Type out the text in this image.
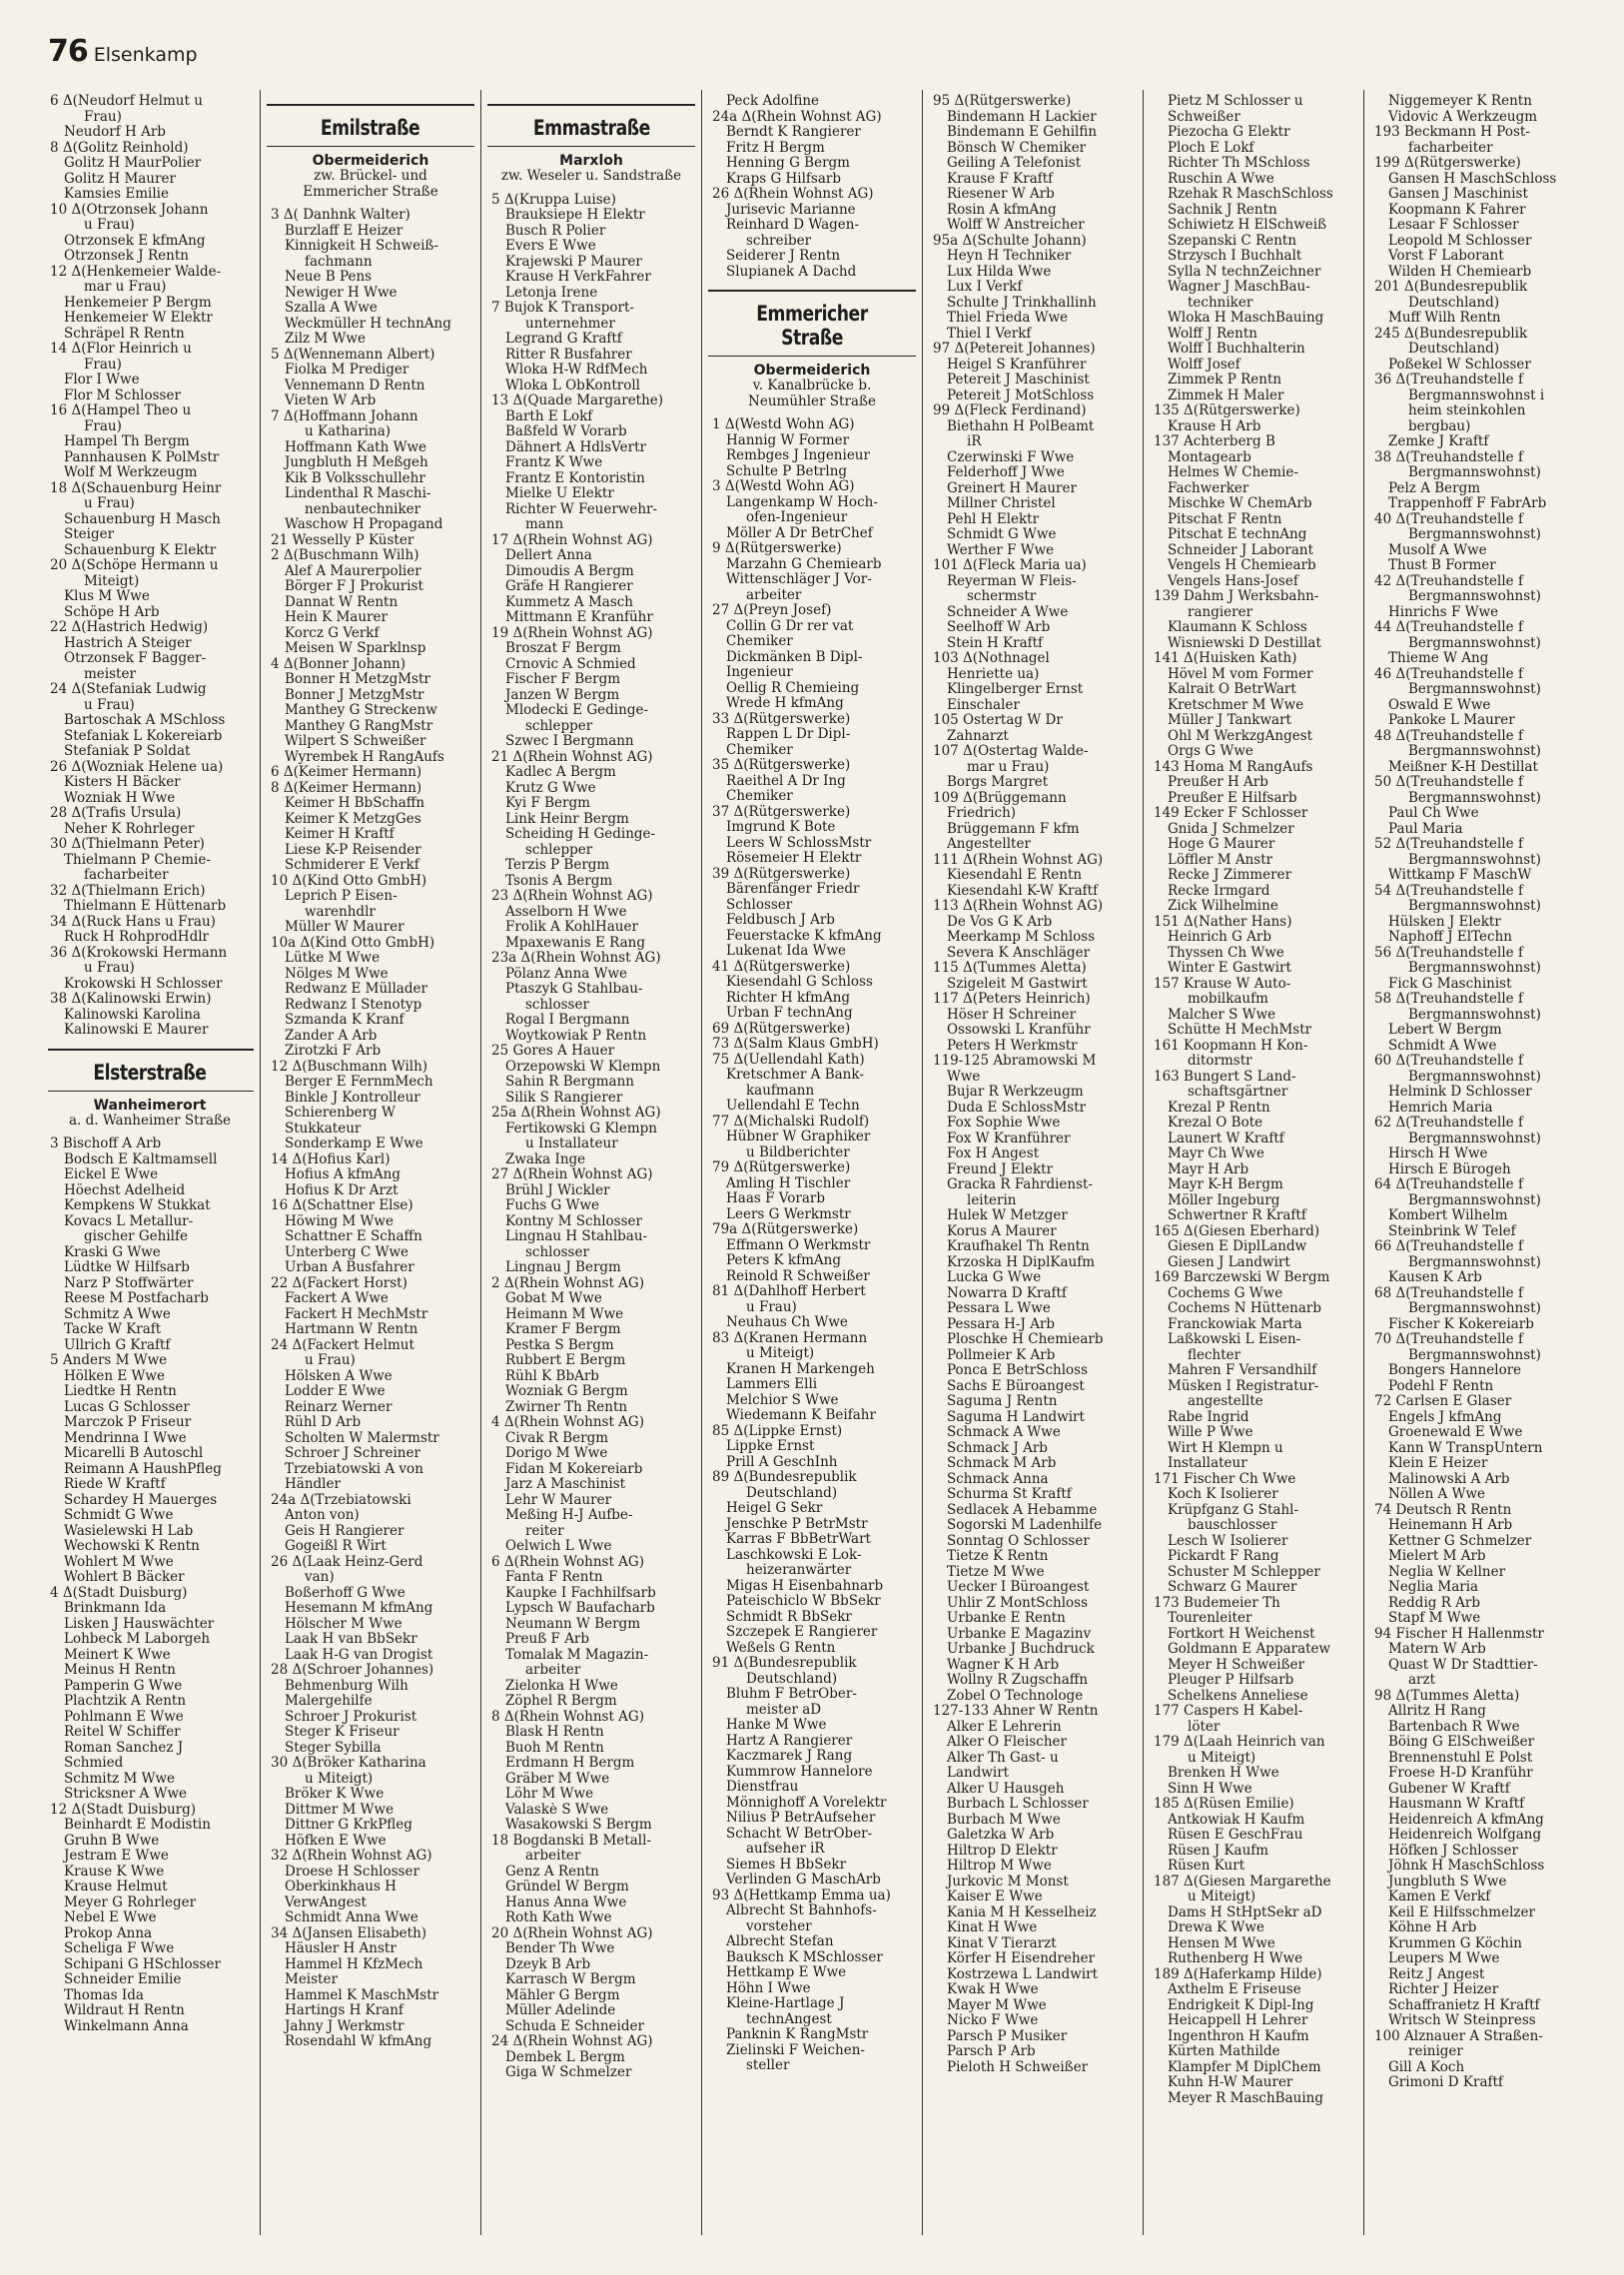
76 Elsenkamp

6 Δ(Neudorf Helmut u

Frau)

Neudorf H Arb

8 Δ(Golitz Reinhold)

Golitz H MaurPolier

Golitz H Maurer

Kamsies Emilie

10 Δ(Otrzonsek Johann

u Frau)

Otrzonsek E kfmAng

Otrzonsek J Rentn

12 Δ(Henkemeier Walde-

mar u Frau)

Henkemeier P Bergm

Henkemeier W Elektr

Schräpel R Rentn

14 Δ(Flor Heinrich u

Frau)

Flor I Wwe

Flor M Schlosser

16 Δ(Hampel Theo u

Frau)

Hampel Th Bergm

Pannhausen K PolMstr

Wolf M Werkzeugm

18 Δ(Schauenburg Heinr

u Frau)

Schauenburg H Masch

Steiger

Schauenburg K Elektr

20 Δ(Schöpe Hermann u

Miteigt)

Klus M Wwe

Schöpe H Arb

22 Δ(Hastrich Hedwig)

Hastrich A Steiger

Otrzonsek F Bagger-

meister

24 Δ(Stefaniak Ludwig

u Frau)

Bartoschak A MSchloss

Stefaniak L Kokereiarb

Stefaniak P Soldat

26 Δ(Wozniak Helene ua)

Kisters H Bäcker

Wozniak H Wwe

28 Δ(Trafis Ursula)

Neher K Rohrleger

30 Δ(Thielmann Peter)

Thielmann P Chemie-

facharbeiter

32 Δ(Thielmann Erich)

Thielmann E Hüttenarb

34 Δ(Ruck Hans u Frau)

Ruck H RohprodHdlr

36 Δ(Krokowski Hermann

u Frau)

Krokowski H Schlosser

38 Δ(Kalinowski Erwin)

Kalinowski Karolina

Kalinowski E Maurer

Elsterstraße
Wanheimerort
a. d. Wanheimer Straße

3 Bischoff A Arb

Bodsch E Kaltmamsell

Eickel E Wwe

Höechst Adelheid

Kempkens W Stukkat

Kovacs L Metallur-

gischer Gehilfe

Kraski G Wwe

Lüdtke W Hilfsarb

Narz P Stoffwärter

Reese M Postfacharb

Schmitz A Wwe

Tacke W Kraft

Ullrich G Kraftf

5 Anders M Wwe

Hölken E Wwe

Liedtke H Rentn

Lucas G Schlosser

Marczok P Friseur

Mendrinna I Wwe

Micarelli B Autoschl

Reimann A HaushPfleg

Riede W Kraftf

Schardey H Mauerges

Schmidt G Wwe

Wasielewski H Lab

Wechowski K Rentn

Wohlert M Wwe

Wohlert B Bäcker

4 Δ(Stadt Duisburg)

Brinkmann Ida

Lisken J Hauswächter

Lohbeck M Laborgeh

Meinert K Wwe

Meinus H Rentn

Pamperin G Wwe

Plachtzik A Rentn

Pohlmann E Wwe

Reitel W Schiffer

Roman Sanchez J

Schmied

Schmitz M Wwe

Stricksner A Wwe

12 Δ(Stadt Duisburg)

Beinhardt E Modistin

Gruhn B Wwe

Jestram E Wwe

Krause K Wwe

Krause Helmut

Meyer G Rohrleger

Nebel E Wwe

Prokop Anna

Scheliga F Wwe

Schipani G HSchlosser

Schneider Emilie

Thomas Ida

Wildraut H Rentn

Winkelmann Anna

Emilstraße
Obermeiderich
zw. Brückel- und Emmericher Straße

3 Δ( Danhnk Walter)

Burzlaff E Heizer

Kinnigkeit H Schweiß-

fachmann

Neue B Pens

Newiger H Wwe

Szalla A Wwe

Weckmüller H technAng

Zilz M Wwe

5 Δ(Wennemann Albert)

Fiolka M Prediger

Vennemann D Rentn

Vieten W Arb

7 Δ(Hoffmann Johann

u Katharina)

Hoffmann Kath Wwe

Jungbluth H Meßgeh

Kik B Volksschullehr

Lindenthal R Maschi-

nenbautechniker

Waschow H Propagand

21 Wesselly P Küster

2 Δ(Buschmann Wilh)

Alef A Maurerpolier

Börger F J Prokurist

Dannat W Rentn

Hein K Maurer

Korcz G Verkf

Meisen W Sparklnsp

4 Δ(Bonner Johann)

Bonner H MetzgMstr

Bonner J MetzgMstr

Manthey G Streckenw

Manthey G RangMstr

Wilpert S Schweißer

Wyrembek H RangAufs

6 Δ(Keimer Hermann)

8 Δ(Keimer Hermann)

Keimer H BbSchaffn

Keimer K MetzgGes

Keimer H Kraftf

Liese K-P Reisender

Schmiderer E Verkf

10 Δ(Kind Otto GmbH)

Leprich P Eisen-

warenhdlr

Müller W Maurer

10a Δ(Kind Otto GmbH)

Lütke M Wwe

Nölges M Wwe

Redwanz E Müllader

Redwanz I Stenotyp

Szmanda K Kranf

Zander A Arb

Zirotzki F Arb

12 Δ(Buschmann Wilh)

Berger E FernmMech

Binkle J Kontrolleur

Schierenberg W

Stukkateur

Sonderkamp E Wwe

14 Δ(Hofius Karl)

Hofius A kfmAng

Hofius K Dr Arzt

16 Δ(Schattner Else)

Höwing M Wwe

Schattner E Schaffn

Unterberg C Wwe

Urban A Busfahrer

22 Δ(Fackert Horst)

Fackert A Wwe

Fackert H MechMstr

Hartmann W Rentn

24 Δ(Fackert Helmut

u Frau)

Hölsken A Wwe

Lodder E Wwe

Reinarz Werner

Rühl D Arb

Scholten W Malermstr

Schroer J Schreiner

Trzebiatowski A von

Händler

24a Δ(Trzebiatowski

Anton von)

Geis H Rangierer

Gogeißl R Wirt

26 Δ(Laak Heinz-Gerd

van)

Boßerhoff G Wwe

Hesemann M kfmAng

Hölscher M Wwe

Laak H van BbSekr

Laak H-G van Drogist

28 Δ(Schroer Johannes)

Behmenburg Wilh

Malergehilfe

Schroer J Prokurist

Steger K Friseur

Steger Sybilla

30 Δ(Bröker Katharina

u Miteigt)

Bröker K Wwe

Dittmer M Wwe

Dittner G KrkPfleg

Höfken E Wwe

32 Δ(Rhein Wohnst AG)

Droese H Schlosser

Oberkinkhaus H

VerwAngest

Schmidt Anna Wwe

34 Δ(Jansen Elisabeth)

Häusler H Anstr

Hammel H KfzMech

Meister

Hammel K MaschMstr

Hartings H Kranf

Jahny J Werkmstr

Rosendahl W kfmAng

Emmastraße
Marxloh
zw. Weseler u. Sandstraße

5 Δ(Kruppa Luise)

Brauksiepe H Elektr

Busch R Polier

Evers E Wwe

Krajewski P Maurer

Krause H VerkFahrer

Letonja Irene

7 Bujok K Transport-

unternehmer

Legrand G Kraftf

Ritter R Busfahrer

Wloka H-W RdfMech

Wloka L ObKontroll

13 Δ(Quade Margarethe)

Barth E Lokf

Baßfeld W Vorarb

Dähnert A HdlsVertr

Frantz K Wwe

Frantz E Kontoristin

Mielke U Elektr

Richter W Feuerwehr-

mann

17 Δ(Rhein Wohnst AG)

Dellert Anna

Dimoudis A Bergm

Gräfe H Rangierer

Kummetz A Masch

Mittmann E Kranführ

19 Δ(Rhein Wohnst AG)

Broszat F Bergm

Crnovic A Schmied

Fischer F Bergm

Janzen W Bergm

Mlodecki E Gedinge-

schlepper

Szwec I Bergmann

21 Δ(Rhein Wohnst AG)

Kadlec A Bergm

Krutz G Wwe

Kyi F Bergm

Link Heinr Bergm

Scheiding H Gedinge-

schlepper

Terzis P Bergm

Tsonis A Bergm

23 Δ(Rhein Wohnst AG)

Asselborn H Wwe

Frolik A KohlHauer

Mpaxewanis E Rang

23a Δ(Rhein Wohnst AG)

Pölanz Anna Wwe

Ptaszyk G Stahlbau-

schlosser

Rogal I Bergmann

Woytkowiak P Rentn

25 Gores A Hauer

Orzepowski W Klempn

Sahin R Bergmann

Silik S Rangierer

25a Δ(Rhein Wohnst AG)

Fertikowski G Klempn

u Installateur

Zwaka Inge

27 Δ(Rhein Wohnst AG)

Brühl J Wickler

Fuchs G Wwe

Kontny M Schlosser

Lingnau H Stahlbau-

schlosser

Lingnau J Bergm

2 Δ(Rhein Wohnst AG)

Gobat M Wwe

Heimann M Wwe

Kramer F Bergm

Pestka S Bergm

Rubbert E Bergm

Rühl K BbArb

Wozniak G Bergm

Zwirner Th Rentn

4 Δ(Rhein Wohnst AG)

Civak R Bergm

Dorigo M Wwe

Fidan M Kokereiarb

Jarz A Maschinist

Lehr W Maurer

Meßing H-J Aufbe-

reiter

Oelwich L Wwe

6 Δ(Rhein Wohnst AG)

Fanta F Rentn

Kaupke I Fachhilfsarb

Lypsch W Baufacharb

Neumann W Bergm

Preuß F Arb

Tomalak M Magazin-

arbeiter

Zielonka H Wwe

Zöphel R Bergm

8 Δ(Rhein Wohnst AG)

Blask H Rentn

Buoh M Rentn

Erdmann H Bergm

Gräber M Wwe

Löhr M Wwe

Valaskè S Wwe

Wasakowski S Bergm

18 Bogdanski B Metall-

arbeiter

Genz A Rentn

Gründel W Bergm

Hanus Anna Wwe

Roth Kath Wwe

20 Δ(Rhein Wohnst AG)

Bender Th Wwe

Dzeyk B Arb

Karrasch W Bergm

Mähler G Bergm

Müller Adelinde

Schuda E Schneider

24 Δ(Rhein Wohnst AG)

Dembek L Bergm

Giga W Schmelzer

Peck Adolfine

24a Δ(Rhein Wohnst AG)

Berndt K Rangierer

Fritz H Bergm

Henning G Bergm

Kraps G Hilfsarb

26 Δ(Rhein Wohnst AG)

Jurisevic Marianne

Reinhard D Wagen-

schreiber

Seiderer J Rentn

Slupianek A Dachd

Emmericher Straße
Obermeiderich
v. Kanalbrücke b. Neumühler Straße

1 Δ(Westd Wohn AG)

Hannig W Former

Rembges J Ingenieur

Schulte P Betrlng

3 Δ(Westd Wohn AG)

Langenkamp W Hoch-

ofen-Ingenieur

Möller A Dr BetrChef

9 Δ(Rütgerswerke)

Marzahn G Chemiearb

Wittenschläger J Vor-

arbeiter

27 Δ(Preyn Josef)

Collin G Dr rer vat

Chemiker

Dickmänken B Dipl-

Ingenieur

Oellig R Chemieing

Wrede H kfmAng

33 Δ(Rütgerswerke)

Rappen L Dr Dipl-

Chemiker

35 Δ(Rütgerswerke)

Raeithel A Dr Ing

Chemiker

37 Δ(Rütgerswerke)

Imgrund K Bote

Leers W SchlossMstr

Rösemeier H Elektr

39 Δ(Rütgerswerke)

Bärenfänger Friedr

Schlosser

Feldbusch J Arb

Feuerstacke K kfmAng

Lukenat Ida Wwe

41 Δ(Rütgerswerke)

Kiesendahl G Schloss

Richter H kfmAng

Urban F technAng

69 Δ(Rütgerswerke)

73 Δ(Salm Klaus GmbH)

75 Δ(Uellendahl Kath)

Kretschmer A Bank-

kaufmann

Uellendahl E Techn

77 Δ(Michalski Rudolf)

Hübner W Graphiker

u Bildberichter

79 Δ(Rütgerswerke)

Amling H Tischler

Haas F Vorarb

Leers G Werkmstr

79a Δ(Rütgerswerke)

Effmann O Werkmstr

Peters K kfmAng

Reinold R Schweißer

81 Δ(Dahlhoff Herbert

u Frau)

Neuhaus Ch Wwe

83 Δ(Kranen Hermann

u Miteigt)

Kranen H Markengeh

Lammers Elli

Melchior S Wwe

Wiedemann K Beifahr

85 Δ(Lippke Ernst)

Lippke Ernst

Prill A GeschInh

89 Δ(Bundesrepublik

Deutschland)

Heigel G Sekr

Jenschke P BetrMstr

Karras F BbBetrWart

Laschkowski E Lok-

heizeranwärter

Migas H Eisenbahnarb

Pateischiclo W BbSekr

Schmidt R BbSekr

Szczepek E Rangierer

Weßels G Rentn

91 Δ(Bundesrepublik

Deutschland)

Bluhm F BetrOber-

meister aD

Hanke M Wwe

Hartz A Rangierer

Kaczmarek J Rang

Kummrow Hannelore

Dienstfrau

Mönnighoff A Vorelektr

Nilius P BetrAufseher

Schacht W BetrOber-

aufseher iR

Siemes H BbSekr

Verlinden G MaschArb

93 Δ(Hettkamp Emma ua)

Albrecht St Bahnhofs-

vorsteher

Albrecht Stefan

Bauksch K MSchlosser

Hettkamp E Wwe

Höhn I Wwe

Kleine-Hartlage J

technAngest

Panknin K RangMstr

Zielinski F Weichen-

steller

95 Δ(Rütgerswerke)

Bindemann H Lackier

Bindemann E Gehilfin

Bönsch W Chemiker

Geiling A Telefonist

Krause F Kraftf

Riesener W Arb

Rosin A kfmAng

Wolff W Anstreicher

95a Δ(Schulte Johann)

Heyn H Techniker

Lux Hilda Wwe

Lux I Verkf

Schulte J Trinkhallinh

Thiel Frieda Wwe

Thiel I Verkf

97 Δ(Petereit Johannes)

Heigel S Kranführer

Petereit J Maschinist

Petereit J MotSchloss

99 Δ(Fleck Ferdinand)

Biethahn H PolBeamt

iR

Czerwinski F Wwe

Felderhoff J Wwe

Greinert H Maurer

Millner Christel

Pehl H Elektr

Schmidt G Wwe

Werther F Wwe

101 Δ(Fleck Maria ua)

Reyerman W Fleis-

schermstr

Schneider A Wwe

Seelhoff W Arb

Stein H Kraftf

103 Δ(Nothnagel

Henriette ua)

Klingelberger Ernst

Einschaler

105 Ostertag W Dr

Zahnarzt

107 Δ(Ostertag Walde-

mar u Frau)

Borgs Margret

109 Δ(Brüggemann

Friedrich)

Brüggemann F kfm

Angestellter

111 Δ(Rhein Wohnst AG)

Kiesendahl E Rentn

Kiesendahl K-W Kraftf

113 Δ(Rhein Wohnst AG)

De Vos G K Arb

Meerkamp M Schloss

Severa K Anschläger

115 Δ(Tummes Aletta)

Szigeleit M Gastwirt

117 Δ(Peters Heinrich)

Höser H Schreiner

Ossowski L Kranführ

Peters H Werkmstr

119-125 Abramowski M

Wwe

Bujar R Werkzeugm

Duda E SchlossMstr

Fox Sophie Wwe

Fox W Kranführer

Fox H Angest

Freund J Elektr

Gracka R Fahrdienst-

leiterin

Hulek W Metzger

Korus A Maurer

Kraufhakel Th Rentn

Krzoska H DiplKaufm

Lucka G Wwe

Nowarra D Kraftf

Pessara L Wwe

Pessara H-J Arb

Ploschke H Chemiearb

Pollmeier K Arb

Ponca E BetrSchloss

Sachs E Büroangest

Saguma J Rentn

Saguma H Landwirt

Schmack A Wwe

Schmack J Arb

Schmack M Arb

Schmack Anna

Schurma St Kraftf

Sedlacek A Hebamme

Sogorski M Ladenhilfe

Sonntag O Schlosser

Tietze K Rentn

Tietze M Wwe

Uecker I Büroangest

Uhlir Z MontSchloss

Urbanke E Rentn

Urbanke E Magazinv

Urbanke J Buchdruck

Wagner K H Arb

Wollny R Zugschaffn

Zobel O Technologe

127-133 Ahner W Rentn

Alker E Lehrerin

Alker O Fleischer

Alker Th Gast- u

Landwirt

Alker U Hausgeh

Burbach L Schlosser

Burbach M Wwe

Galetzka W Arb

Hiltrop D Elektr

Hiltrop M Wwe

Jurkovic M Monst

Kaiser E Wwe

Kania M H Kesselheiz

Kinat H Wwe

Kinat V Tierarzt

Körfer H Eisendreher

Kostrzewa L Landwirt

Kwak H Wwe

Mayer M Wwe

Nicko F Wwe

Parsch P Musiker

Parsch P Arb

Pieloth H Schweißer

Pietz M Schlosser u

Schweißer

Piezocha G Elektr

Ploch E Lokf

Richter Th MSchloss

Ruschin A Wwe

Rzehak R MaschSchloss

Sachnik J Rentn

Schiwietz H ElSchweiß

Szepanski C Rentn

Strzysch I Buchhalt

Sylla N technZeichner

Wagner J MaschBau-

techniker

Wloka H MaschBauing

Wolff J Rentn

Wolff I Buchhalterin

Wolff Josef

Zimmek P Rentn

Zimmek H Maler

135 Δ(Rütgerswerke)

Krause H Arb

137 Achterberg B

Montagearb

Helmes W Chemie-

Fachwerker

Mischke W ChemArb

Pitschat F Rentn

Pitschat E technAng

Schneider J Laborant

Vengels H Chemiearb

Vengels Hans-Josef

139 Dahm J Werksbahn-

rangierer

Klaumann K Schloss

Wisniewski D Destillat

141 Δ(Huisken Kath)

Hövel M vom Former

Kalrait O BetrWart

Kretschmer M Wwe

Müller J Tankwart

Ohl M WerkzgAngest

Orgs G Wwe

143 Homa M RangAufs

Preußer H Arb

Preußer E Hilfsarb

149 Ecker F Schlosser

Gnida J Schmelzer

Hoge G Maurer

Löffler M Anstr

Recke J Zimmerer

Recke Irmgard

Zick Wilhelmine

151 Δ(Nather Hans)

Heinrich G Arb

Thyssen Ch Wwe

Winter E Gastwirt

157 Krause W Auto-

mobilkaufm

Malcher S Wwe

Schütte H MechMstr

161 Koopmann H Kon-

ditormstr

163 Bungert S Land-

schaftsgärtner

Krezal P Rentn

Krezal O Bote

Launert W Kraftf

Mayr Ch Wwe

Mayr H Arb

Mayr K-H Bergm

Möller Ingeburg

Schwertner R Kraftf

165 Δ(Giesen Eberhard)

Giesen E DiplLandw

Giesen J Landwirt

169 Barczewski W Bergm

Cochems G Wwe

Cochems N Hüttenarb

Franckowiak Marta

Laßkowski L Eisen-

flechter

Mahren F Versandhilf

Müsken I Registratur-

angestellte

Rabe Ingrid

Wille P Wwe

Wirt H Klempn u

Installateur

171 Fischer Ch Wwe

Koch K Isolierer

Krüpfganz G Stahl-

bauschlosser

Lesch W Isolierer

Pickardt F Rang

Schuster M Schlepper

Schwarz G Maurer

173 Budemeier Th

Tourenleiter

Fortkort H Weichenst

Goldmann E Apparatew

Meyer H Schweißer

Pleuger P Hilfsarb

Schelkens Anneliese

177 Caspers H Kabel-

löter

179 Δ(Laah Heinrich van

u Miteigt)

Brenken H Wwe

Sinn H Wwe

185 Δ(Rüsen Emilie)

Antkowiak H Kaufm

Rüsen E GeschFrau

Rüsen J Kaufm

Rüsen Kurt

187 Δ(Giesen Margarethe

u Miteigt)

Dams H StHptSekr aD

Drewa K Wwe

Hensen M Wwe

Ruthenberg H Wwe

189 Δ(Haferkamp Hilde)

Axthelm E Friseuse

Endrigkeit K Dipl-Ing

Heicappell H Lehrer

Ingenthron H Kaufm

Kürten Mathilde

Klampfer M DiplChem

Kuhn H-W Maurer

Meyer R MaschBauing

Niggemeyer K Rentn

Vidovic A Werkzeugm

193 Beckmann H Post-

facharbeiter

199 Δ(Rütgerswerke)

Gansen H MaschSchloss

Gansen J Maschinist

Koopmann K Fahrer

Lesaar F Schlosser

Leopold M Schlosser

Vorst F Laborant

Wilden H Chemiearb

201 Δ(Bundesrepublik

Deutschland)

Muff Wilh Rentn

245 Δ(Bundesrepublik

Deutschland)

Poßekel W Schlosser

36 Δ(Treuhandstelle f

Bergmannswohnst i

heim steinkohlen

bergbau)

Zemke J Kraftf

38 Δ(Treuhandstelle f

Bergmannswohnst)

Pelz A Bergm

Trappenhoff F FabrArb

40 Δ(Treuhandstelle f

Bergmannswohnst)

Musolf A Wwe

Thust B Former

42 Δ(Treuhandstelle f

Bergmannswohnst)

Hinrichs F Wwe

44 Δ(Treuhandstelle f

Bergmannswohnst)

Thieme W Ang

46 Δ(Treuhandstelle f

Bergmannswohnst)

Oswald E Wwe

Pankoke L Maurer

48 Δ(Treuhandstelle f

Bergmannswohnst)

Meißner K-H Destillat

50 Δ(Treuhandstelle f

Bergmannswohnst)

Paul Ch Wwe

Paul Maria

52 Δ(Treuhandstelle f

Bergmannswohnst)

Wittkamp F MaschW

54 Δ(Treuhandstelle f

Bergmannswohnst)

Hülsken J Elektr

Naphoff J ElTechn

56 Δ(Treuhandstelle f

Bergmannswohnst)

Fick G Maschinist

58 Δ(Treuhandstelle f

Bergmannswohnst)

Lebert W Bergm

Schmidt A Wwe

60 Δ(Treuhandstelle f

Bergmannswohnst)

Helmink D Schlosser

Hemrich Maria

62 Δ(Treuhandstelle f

Bergmannswohnst)

Hirsch H Wwe

Hirsch E Bürogeh

64 Δ(Treuhandstelle f

Bergmannswohnst)

Kombert Wilhelm

Steinbrink W Telef

66 Δ(Treuhandstelle f

Bergmannswohnst)

Kausen K Arb

68 Δ(Treuhandstelle f

Bergmannswohnst)

Fischer K Kokereiarb

70 Δ(Treuhandstelle f

Bergmannswohnst)

Bongers Hannelore

Podehl F Rentn

72 Carlsen E Glaser

Engels J kfmAng

Groenewald E Wwe

Kann W TranspUntern

Klein E Heizer

Malinowski A Arb

Nöllen A Wwe

74 Deutsch R Rentn

Heinemann H Arb

Kettner G Schmelzer

Mielert M Arb

Neglia W Kellner

Neglia Maria

Reddig R Arb

Stapf M Wwe

94 Fischer H Hallenmstr

Matern W Arb

Quast W Dr Stadttier-

arzt

98 Δ(Tummes Aletta)

Allritz H Rang

Bartenbach R Wwe

Böing G ElSchweißer

Brennenstuhl E Polst

Froese H-D Kranführ

Gubener W Kraftf

Hausmann W Kraftf

Heidenreich A kfmAng

Heidenreich Wolfgang

Höfken J Schlosser

Jöhnk H MaschSchloss

Jungbluth S Wwe

Kamen E Verkf

Keil E Hilfsschmelzer

Köhne H Arb

Krummen G Köchin

Leupers M Wwe

Reitz J Angest

Richter J Heizer

Schaffranietz H Kraftf

Writsch W Steinpress

100 Alznauer A Straßen-

reiniger

Gill A Koch

Grimoni D Kraftf
